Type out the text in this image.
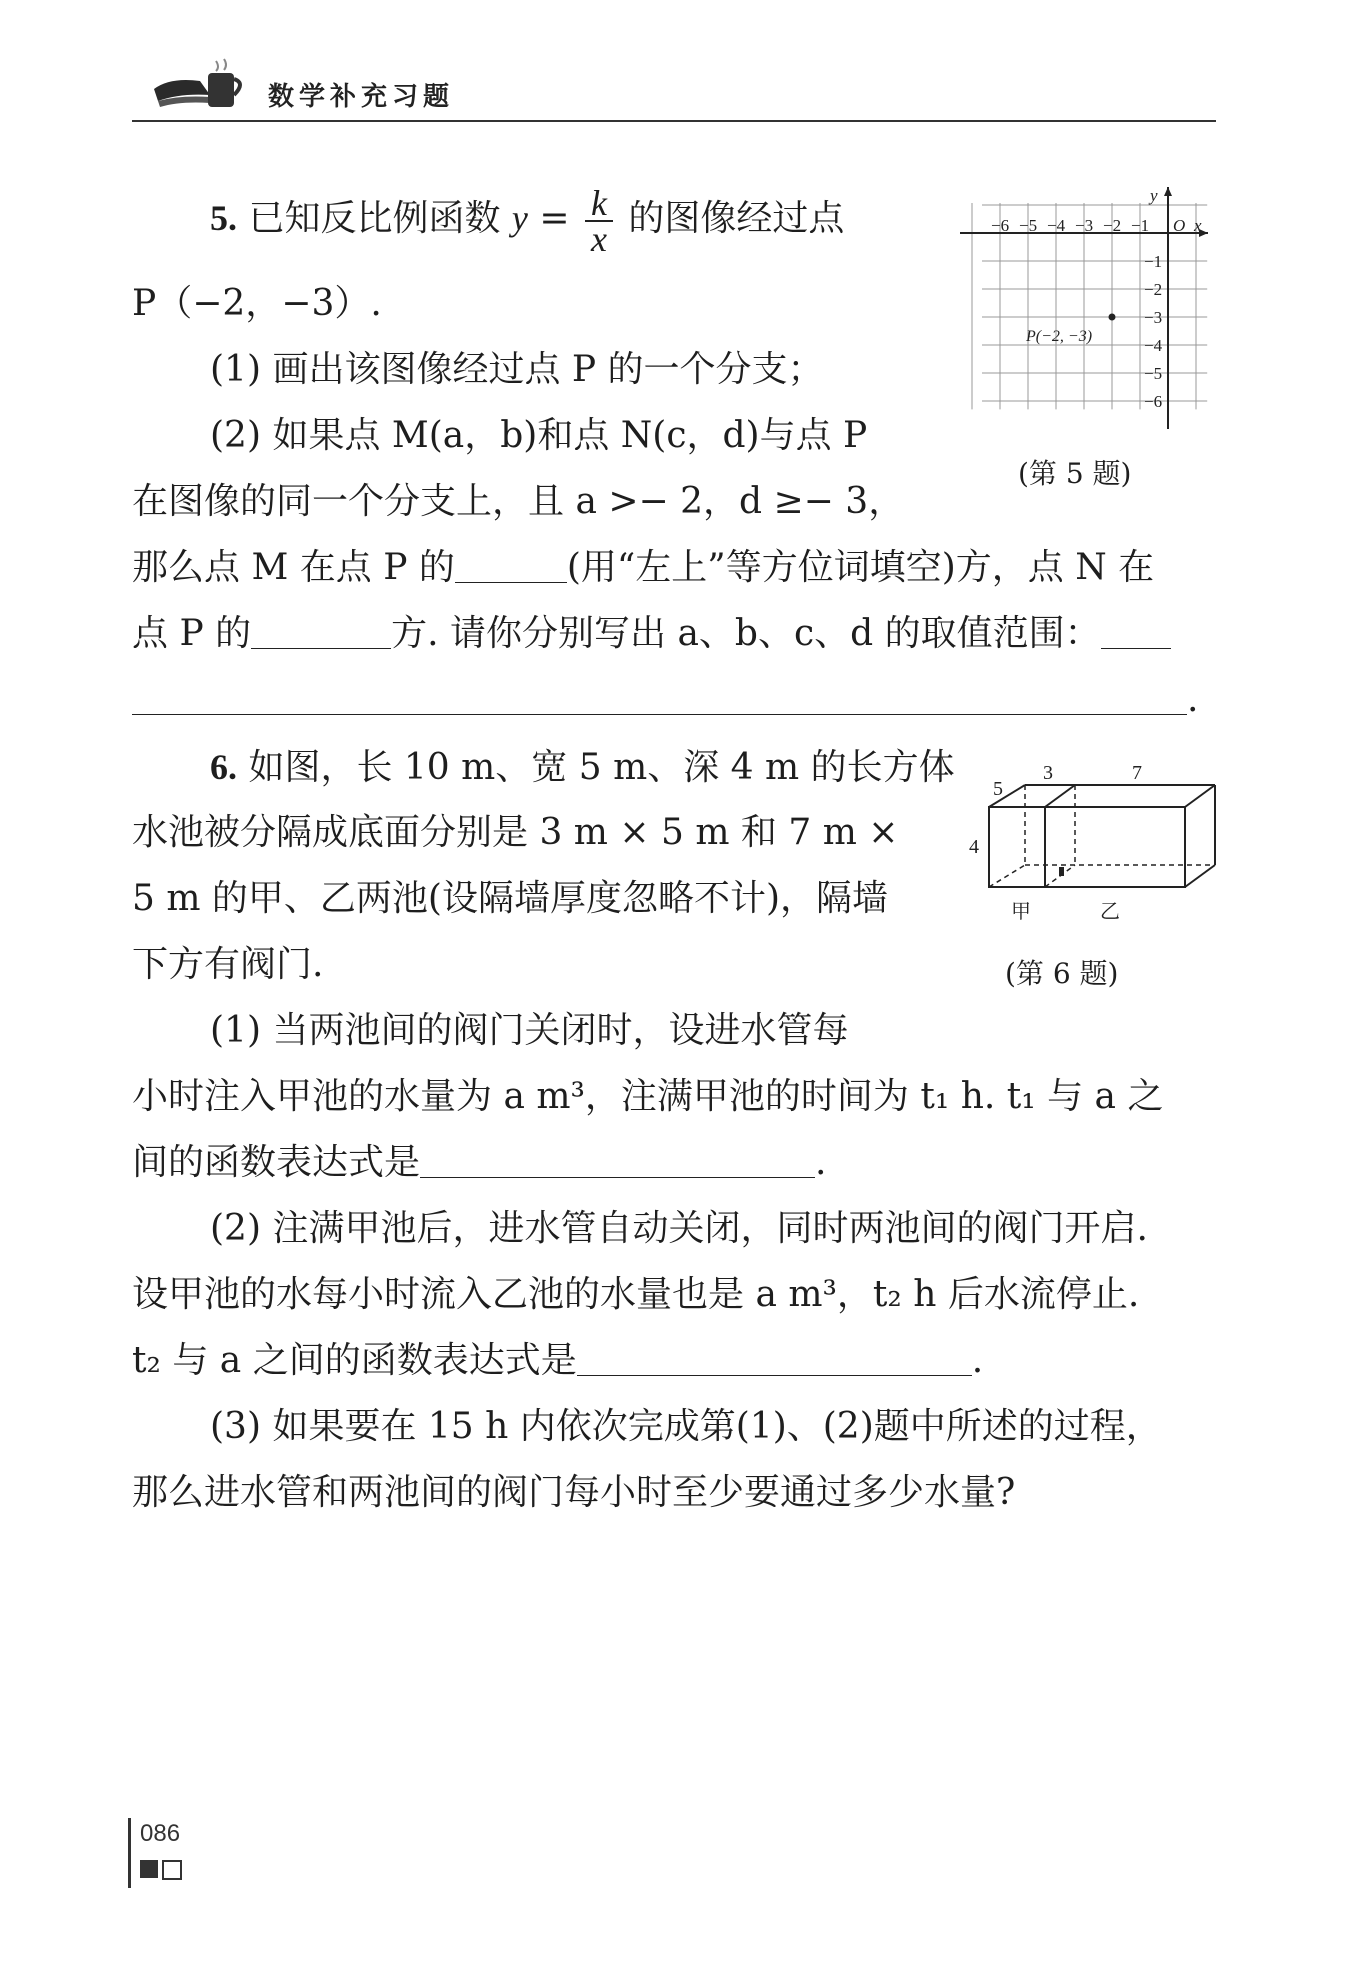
数学补充习题
5. 已知反比例函数 $y = \frac{k}{x}$ 的图像经过点
P（−2，−3）.
(1) 画出该图像经过点 P 的一个分支；
(2) 如果点 M(a，b)和点 N(c，d)与点 P
在图像的同一个分支上，且 a >− 2，d ≥− 3，
那么点 M 在点 P 的	(用“左上”等方位词填空)方，点 N 在
点 P 的	方. 请你分别写出 a、b、c、d 的取值范围：
.
−6 −5 −4 −3 −2 −1
−1
−2
−3
−4
−5
−6
O x
y
P(−2, −3)
(第 5 题)
6. 如图，长 10 m、宽 5 m、深 4 m 的长方体
水池被分隔成底面分别是 3 m × 5 m 和 7 m ×
5 m 的甲、乙两池(设隔墙厚度忽略不计)，隔墙
下方有阀门.
(1) 当两池间的阀门关闭时，设进水管每
小时注入甲池的水量为 a m³，注满甲池的时间为 t₁ h. t₁ 与 a 之
间的函数表达式是	.
(2) 注满甲池后，进水管自动关闭，同时两池间的阀门开启.
设甲池的水每小时流入乙池的水量也是 a m³，t₂ h 后水流停止.
t₂ 与 a 之间的函数表达式是	.
(3) 如果要在 15 h 内依次完成第(1)、(2)题中所述的过程，
那么进水管和两池间的阀门每小时至少要通过多少水量?
3	7
5
4
甲	乙
(第 6 题)
086
